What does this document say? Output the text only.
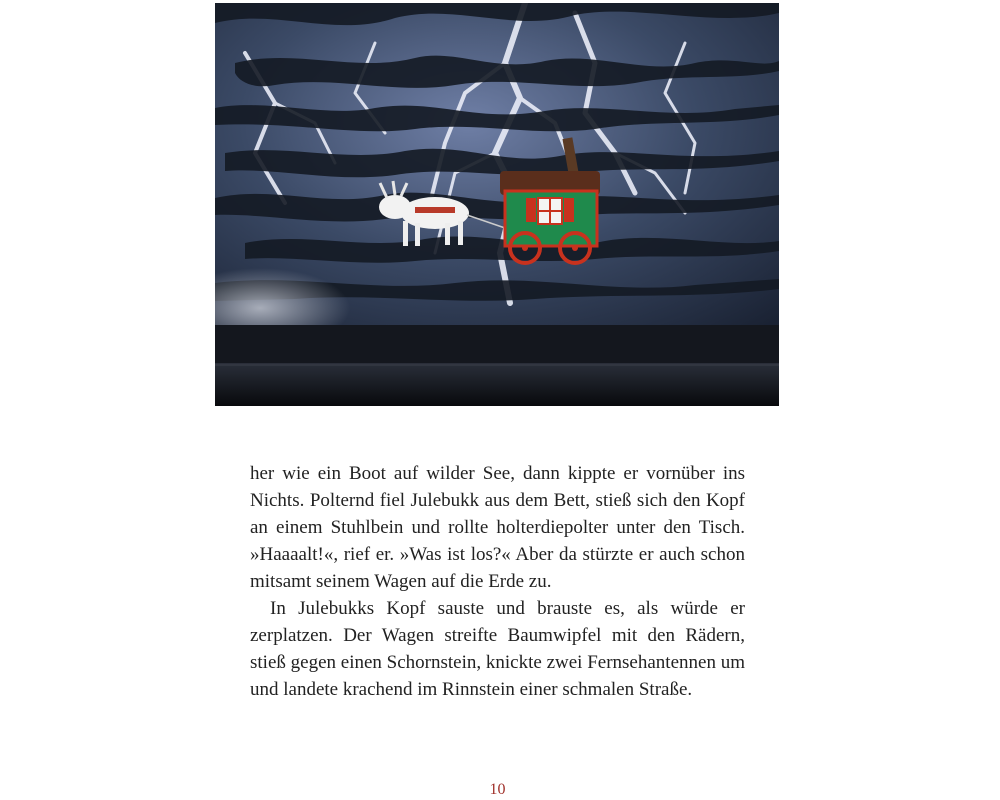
her wie ein Boot auf wilder See, dann kippte er vornüber ins Nichts. Polternd fiel Julebukk aus dem Bett, stieß sich den Kopf an einem Stuhlbein und rollte holterdiepolter unter den Tisch. »Haaaalt!«, rief er. »Was ist los?« Aber da stürzte er auch schon mitsamt seinem Wagen auf die Erde zu.

In Julebukks Kopf sauste und brauste es, als würde er zerplatzen. Der Wagen streifte Baumwipfel mit den Rädern, stieß gegen einen Schornstein, knickte zwei Fernsehantennen um und landete krachend im Rinnstein einer schmalen Straße.

10
